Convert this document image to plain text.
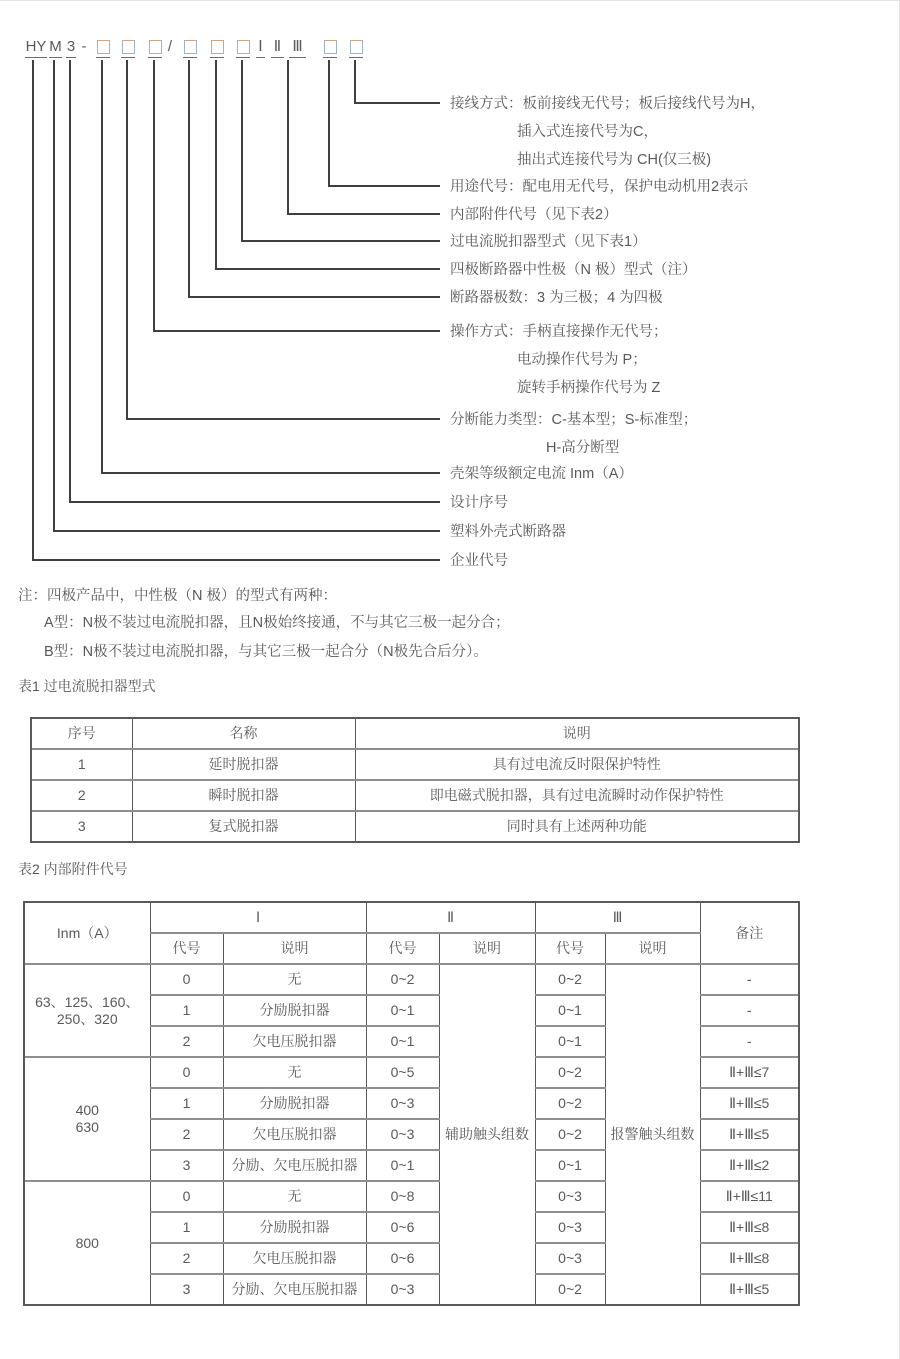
HY M 3 -	/	Ⅰ Ⅱ Ⅲ
接线方式：板前接线无代号；板后接线代号为H，
插入式连接代号为C，
抽出式连接代号为 CH(仅三极)
用途代号：配电用无代号，保护电动机用2表示
内部附件代号（见下表2）
过电流脱扣器型式（见下表1）
四极断路器中性极（N 极）型式（注）
断路器极数：3 为三极；4 为四极
操作方式：手柄直接操作无代号；
电动操作代号为 P；
旋转手柄操作代号为 Z
分断能力类型：C-基本型；S-标准型；
H-高分断型
壳架等级额定电流 Inm（A）
设计序号
塑料外壳式断路器
企业代号
注：四极产品中，中性极（N 极）的型式有两种：
A型：N极不装过电流脱扣器，且N极始终接通，不与其它三极一起分合；
B型：N极不装过电流脱扣器，与其它三极一起合分（N极先合后分）。
表1 过电流脱扣器型式
序号	名称	说明
1	延时脱扣器	具有过电流反时限保护特性
2	瞬时脱扣器	即电磁式脱扣器，具有过电流瞬时动作保护特性
3	复式脱扣器	同时具有上述两种功能
表2 内部附件代号
Inm（A）	Ⅰ		Ⅱ		Ⅲ		备注
	代号	说明	代号	说明	代号	说明	
63、125、160、
250、320	0	无	0~2	辅助触头组数	0~2	报警触头组数	-
	1	分励脱扣器	0~1		0~1		-
	2	欠电压脱扣器	0~1		0~1		-
400
630	0	无	0~5		0~2		Ⅱ+Ⅲ≤7
	1	分励脱扣器	0~3		0~2		Ⅱ+Ⅲ≤5
	2	欠电压脱扣器	0~3		0~2		Ⅱ+Ⅲ≤5
	3	分励、欠电压脱扣器	0~1		0~1		Ⅱ+Ⅲ≤2
800	0	无	0~8		0~3		Ⅱ+Ⅲ≤11
	1	分励脱扣器	0~6		0~3		Ⅱ+Ⅲ≤8
	2	欠电压脱扣器	0~6		0~3		Ⅱ+Ⅲ≤8
	3	分励、欠电压脱扣器	0~3		0~2		Ⅱ+Ⅲ≤5
